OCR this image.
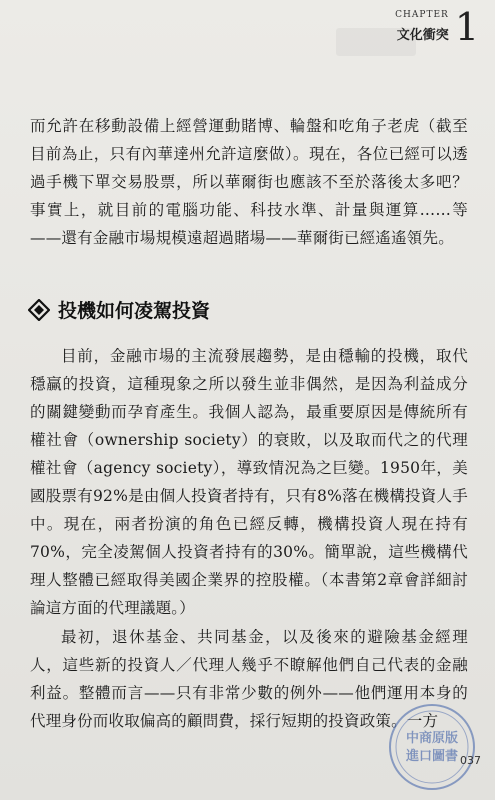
CHAPTER
文化衝突 1

而允許在移動設備上經營運動賭博、輪盤和吃角子老虎（截至目前為止，只有內華達州允許這麼做）。現在，各位已經可以透過手機下單交易股票，所以華爾街也應該不至於落後太多吧？事實上，就目前的電腦功能、科技水準、計量與運算……等——還有金融市場規模遠超過賭場——華爾街已經遙遙領先。

投機如何凌駕投資

目前，金融市場的主流發展趨勢，是由穩輸的投機，取代穩贏的投資，這種現象之所以發生並非偶然，是因為利益成分的關鍵變動而孕育產生。我個人認為，最重要原因是傳統所有權社會（ownership society）的衰敗，以及取而代之的代理權社會（agency society），導致情況為之巨變。1950年，美國股票有92%是由個人投資者持有，只有8%落在機構投資人手中。現在，兩者扮演的角色已經反轉，機構投資人現在持有70%，完全凌駕個人投資者持有的30%。簡單說，這些機構代理人整體已經取得美國企業界的控股權。（本書第2章會詳細討論這方面的代理議題。）

最初，退休基金、共同基金，以及後來的避險基金經理人，這些新的投資人／代理人幾乎不瞭解他們自己代表的金融利益。整體而言——只有非常少數的例外——他們運用本身的代理身份而收取偏高的顧問費，採行短期的投資政策。一方

中商原版
進口圖書 037
